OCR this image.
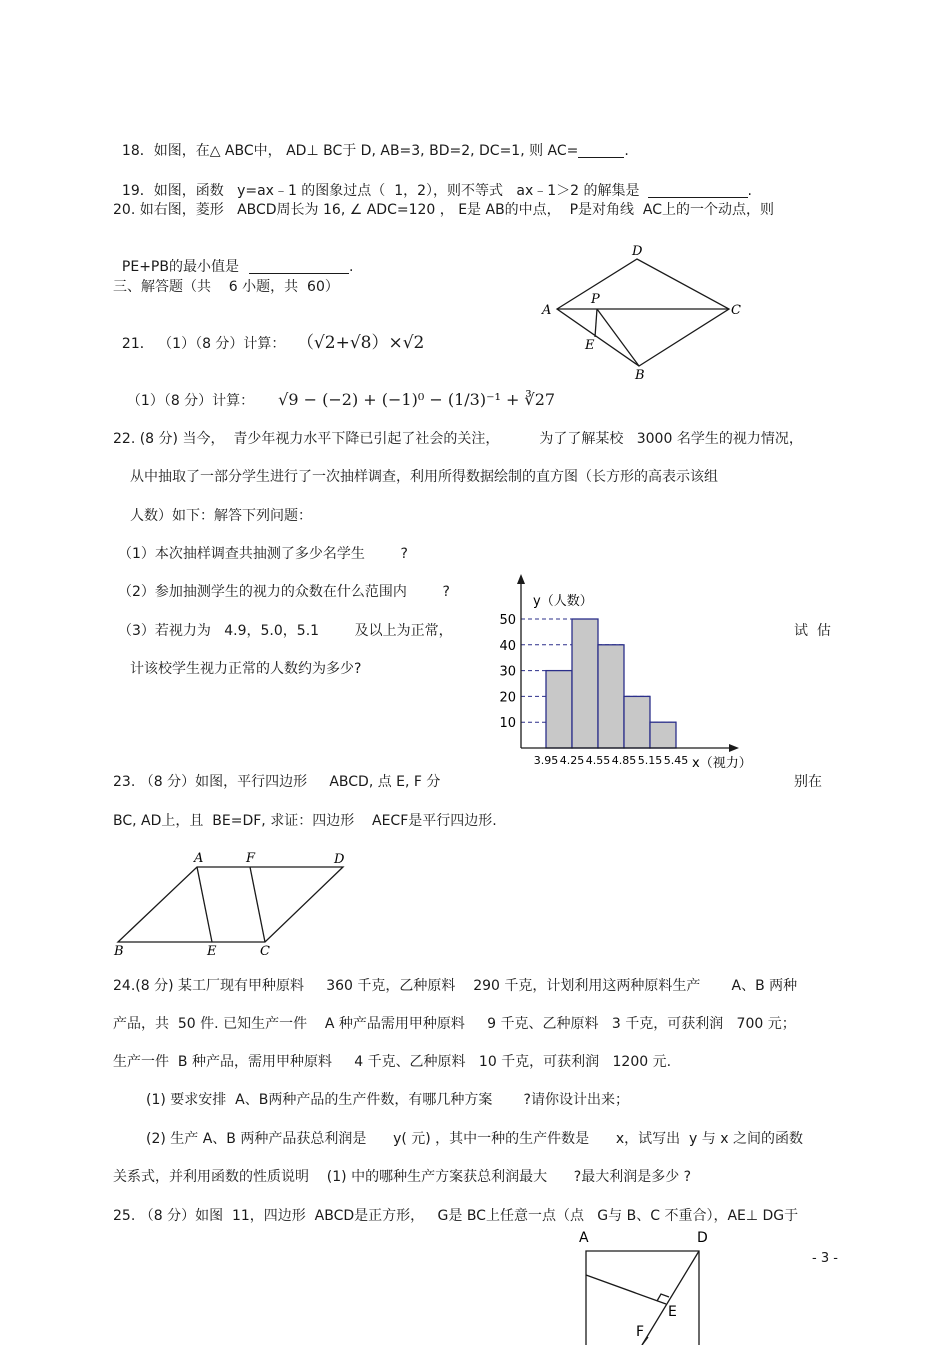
18．如图，在△ ABC中， AD⊥ BC于 D, AB=3, BD=2, DC=1, 则 AC=	.

19．如图，函数   y=ax﹣1 的图象过点（  1，2），则不等式   ax﹣1＞2 的解集是	.

20. 如右图，菱形   ABCD周长为 16, ∠ ADC=120 ， E是 AB的中点，  P是对角线  AC上的一个动点，则

PE+PB的最小值是	.

三、解答题（共    6 小题，共  60）
A
D
C
B
P
E

21． （1）（8 分）计算： （√2+√8）×√2

（1）（8 分）计算： √9 − (−2) + (−1)⁰ − (1/3)⁻¹ + ∛27

22. (8 分) 当今，  青少年视力水平下降已引起了社会的关注，         为了了解某校   3000 名学生的视力情况，
从中抽取了一部分学生进行了一次抽样调查，利用所得数据绘制的直方图（长方形的高表示该组
人数）如下：解答下列问题：
（1）本次抽样调查共抽测了多少名学生        ?
（2）参加抽测学生的视力的众数在什么范围内        ?
（3）若视力为   4.9，5.0，5.1        及以上为正常，	试  估
计该校学生视力正常的人数约为多少?
10
20
30
40
50
3.95 4.25 4.55 4.85 5.15 5.45
y（人数）
x（视力）
23. （8 分）如图，平行四边形     ABCD, 点 E, F 分	别在
BC, AD上，且  BE=DF, 求证：四边形    AECF是平行四边形.
A	F	D
B	E	C
24.(8 分) 某工厂现有甲种原料     360 千克，乙种原料    290 千克，计划利用这两种原料生产       A、B 两种
产品，共  50 件. 已知生产一件    A 种产品需用甲种原料     9 千克、乙种原料   3 千克，可获利润   700 元；
生产一件  B 种产品，需用甲种原料     4 千克、乙种原料   10 千克，可获利润   1200 元.
(1) 要求安排  A、B两种产品的生产件数，有哪几种方案       ?请你设计出来；
(2) 生产 A、B 两种产品获总利润是      y( 元) ，其中一种的生产件数是      x，试写出  y 与 x 之间的函数
关系式，并利用函数的性质说明    (1) 中的哪种生产方案获总利润最大      ?最大利润是多少 ?
25. （8 分）如图  11，四边形  ABCD是正方形，   G是 BC上任意一点（点   G与 B、C 不重合），AE⊥ DG于
- 3 -
A	D
E
F
